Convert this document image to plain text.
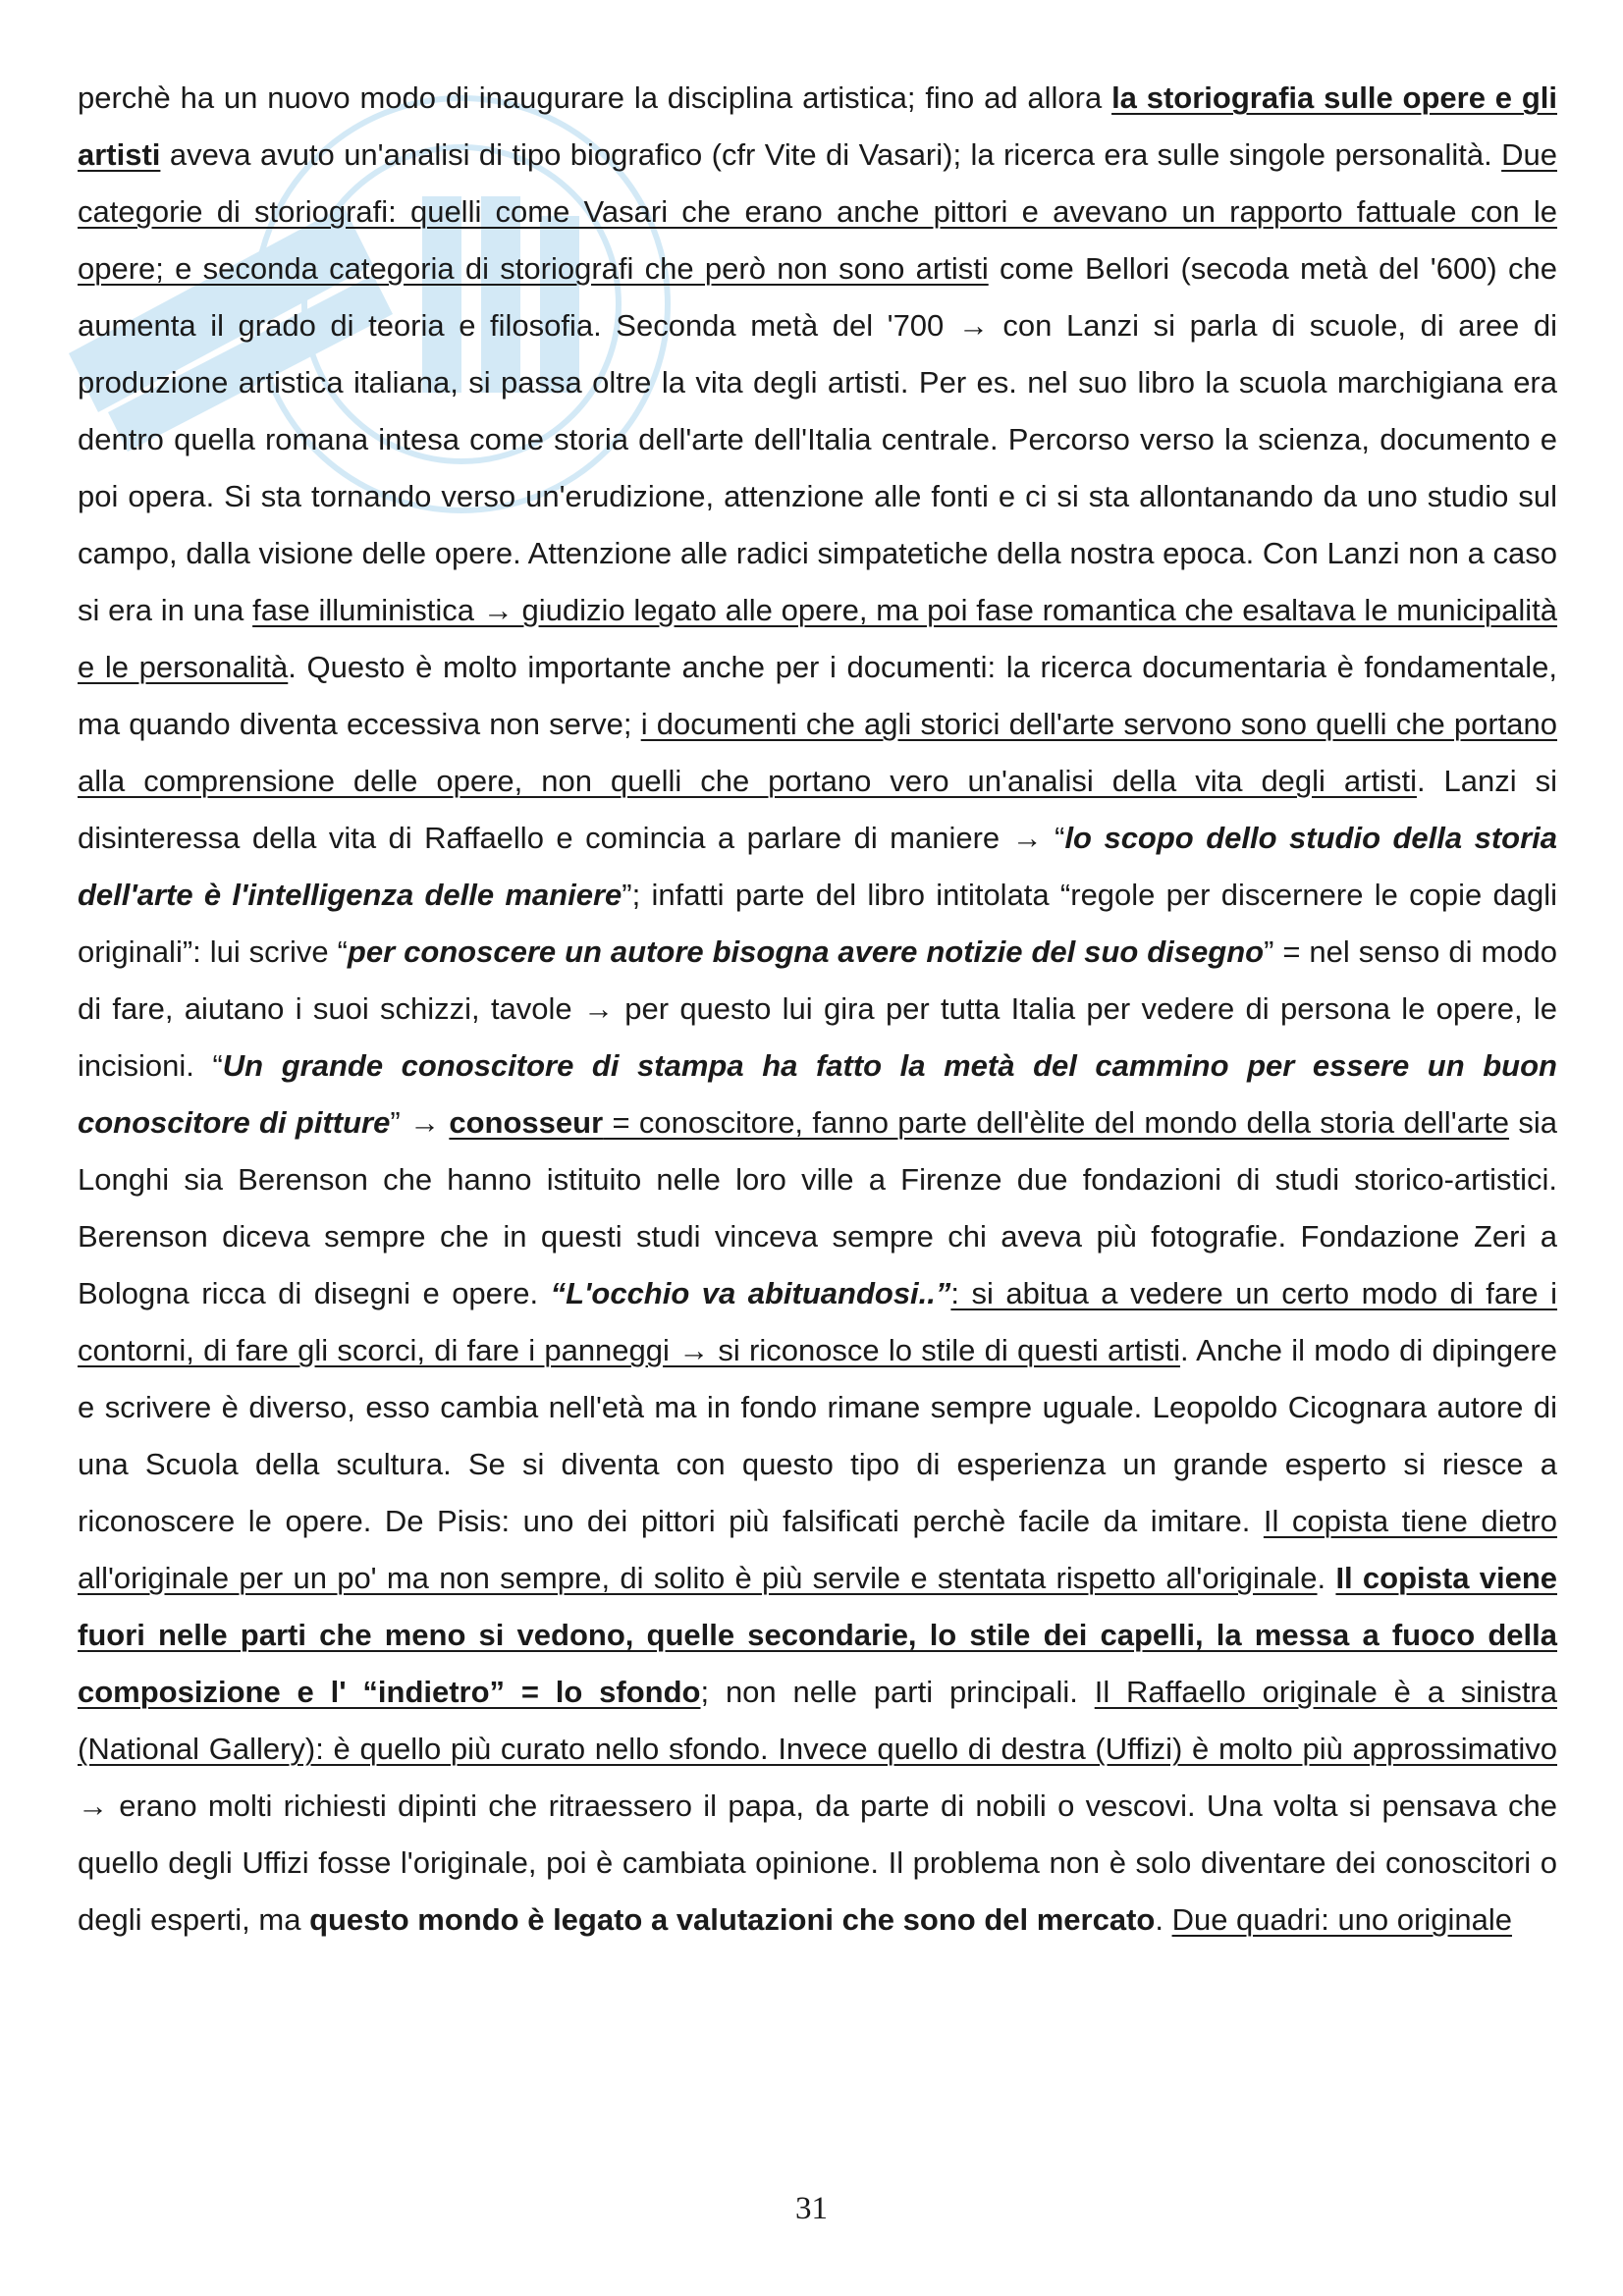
perchè ha un nuovo modo di inaugurare la disciplina artistica; fino ad allora la storiografia sulle opere e gli artisti aveva avuto un'analisi di tipo biografico (cfr Vite di Vasari); la ricerca era sulle singole personalità. Due categorie di storiografi: quelli come Vasari che erano anche pittori e avevano un rapporto fattuale con le opere; e seconda categoria di storiografi che però non sono artisti come Bellori (secoda metà del '600) che aumenta il grado di teoria e filosofia. Seconda metà del '700 → con Lanzi si parla di scuole, di aree di produzione artistica italiana, si passa oltre la vita degli artisti. Per es. nel suo libro la scuola marchigiana era dentro quella romana intesa come storia dell'arte dell'Italia centrale. Percorso verso la scienza, documento e poi opera. Si sta tornando verso un'erudizione, attenzione alle fonti e ci si sta allontanando da uno studio sul campo, dalla visione delle opere. Attenzione alle radici simpatetiche della nostra epoca. Con Lanzi non a caso si era in una fase illuministica → giudizio legato alle opere, ma poi fase romantica che esaltava le municipalità e le personalità. Questo è molto importante anche per i documenti: la ricerca documentaria è fondamentale, ma quando diventa eccessiva non serve; i documenti che agli storici dell'arte servono sono quelli che portano alla comprensione delle opere, non quelli che portano vero un'analisi della vita degli artisti. Lanzi si disinteressa della vita di Raffaello e comincia a parlare di maniere → “lo scopo dello studio della storia dell'arte è l'intelligenza delle maniere”; infatti parte del libro intitolata “regole per discernere le copie dagli originali”: lui scrive “per conoscere un autore bisogna avere notizie del suo disegno” = nel senso di modo di fare, aiutano i suoi schizzi, tavole → per questo lui gira per tutta Italia per vedere di persona le opere, le incisioni. “Un grande conoscitore di stampa ha fatto la metà del cammino per essere un buon conoscitore di pitture” → conosseur = conoscitore, fanno parte dell'èlite del mondo della storia dell'arte sia Longhi sia Berenson che hanno istituito nelle loro ville a Firenze due fondazioni di studi storico-artistici. Berenson diceva sempre che in questi studi vinceva sempre chi aveva più fotografie. Fondazione Zeri a Bologna ricca di disegni e opere. “L'occhio va abituandosi..”: si abitua a vedere un certo modo di fare i contorni, di fare gli scorci, di fare i panneggi → si riconosce lo stile di questi artisti. Anche il modo di dipingere e scrivere è diverso, esso cambia nell'età ma in fondo rimane sempre uguale. Leopoldo Cicognara autore di una Scuola della scultura. Se si diventa con questo tipo di esperienza un grande esperto si riesce a riconoscere le opere. De Pisis: uno dei pittori più falsificati perchè facile da imitare. Il copista tiene dietro all'originale per un po' ma non sempre, di solito è più servile e stentata rispetto all'originale. Il copista viene fuori nelle parti che meno si vedono, quelle secondarie, lo stile dei capelli, la messa a fuoco della composizione e l' “indietro” = lo sfondo; non nelle parti principali. Il Raffaello originale è a sinistra (National Gallery): è quello più curato nello sfondo. Invece quello di destra (Uffizi) è molto più approssimativo → erano molti richiesti dipinti che ritraessero il papa, da parte di nobili o vescovi. Una volta si pensava che quello degli Uffizi fosse l'originale, poi è cambiata opinione. Il problema non è solo diventare dei conoscitori o degli esperti, ma questo mondo è legato a valutazioni che sono del mercato. Due quadri: uno originale
31
